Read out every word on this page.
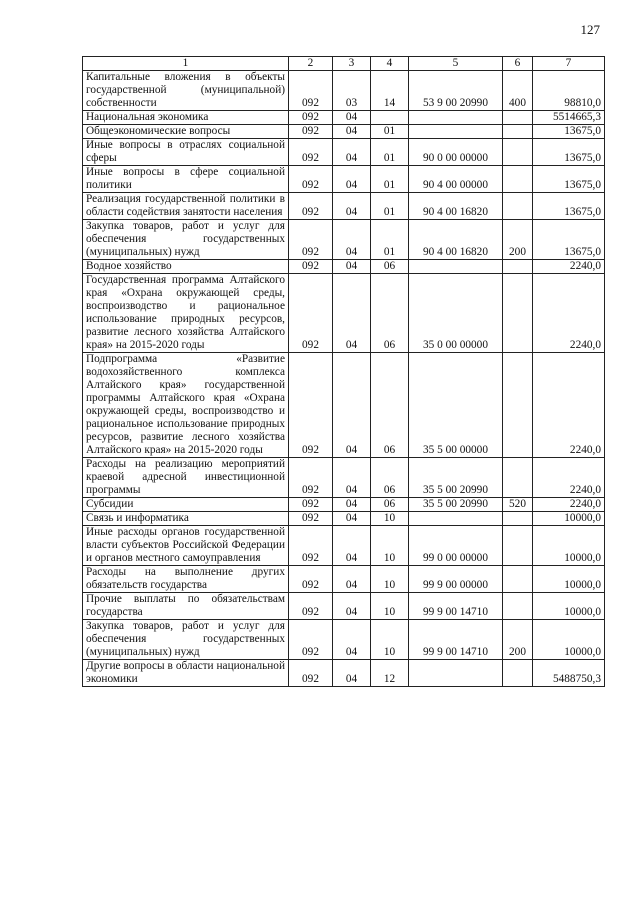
127
1	2	3	4	5	6	7
Капитальные вложения в объекты государственной (муниципальной) собственности	092	03	14	53 9 00 20990	400	98810,0
Национальная экономика	092	04				5514665,3
Общеэкономические вопросы	092	04	01			13675,0
Иные вопросы в отраслях социальной сферы	092	04	01	90 0 00 00000		13675,0
Иные вопросы в сфере социальной политики	092	04	01	90 4 00 00000		13675,0
Реализация государственной политики в области содействия занятости населения	092	04	01	90 4 00 16820		13675,0
Закупка товаров, работ и услуг для обеспечения государственных (муниципальных) нужд	092	04	01	90 4 00 16820	200	13675,0
Водное хозяйство	092	04	06			2240,0
Государственная программа Алтайского края «Охрана окружающей среды, воспроизводство и рациональное использование природных ресурсов, развитие лесного хозяйства Алтайского края» на 2015-2020 годы	092	04	06	35 0 00 00000		2240,0
Подпрограмма «Развитие водохозяйственного комплекса Алтайского края» государственной программы Алтайского края «Охрана окружающей среды, воспроизводство и рациональное использование природных ресурсов, развитие лесного хозяйства Алтайского края» на 2015-2020 годы	092	04	06	35 5 00 00000		2240,0
Расходы на реализацию мероприятий краевой адресной инвестиционной программы	092	04	06	35 5 00 20990		2240,0
Субсидии	092	04	06	35 5 00 20990	520	2240,0
Связь и информатика	092	04	10			10000,0
Иные расходы органов государственной власти субъектов Российской Федерации и органов местного самоуправления	092	04	10	99 0 00 00000		10000,0
Расходы на выполнение других обязательств государства	092	04	10	99 9 00 00000		10000,0
Прочие выплаты по обязательствам государства	092	04	10	99 9 00 14710		10000,0
Закупка товаров, работ и услуг для обеспечения государственных (муниципальных) нужд	092	04	10	99 9 00 14710	200	10000,0
Другие вопросы в области национальной экономики	092	04	12			5488750,3
